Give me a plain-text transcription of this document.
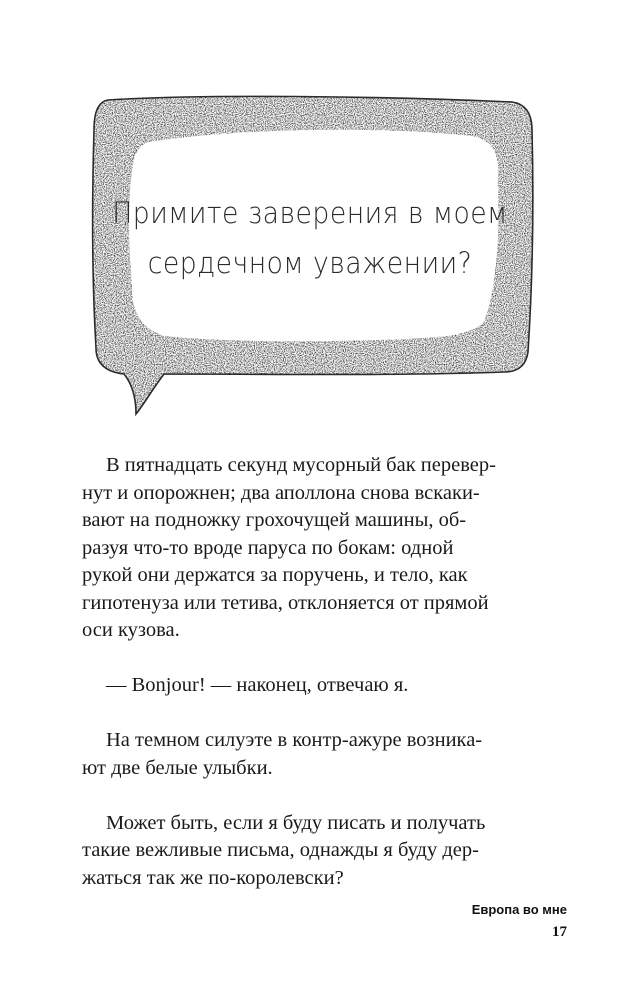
Примите заверения в моем
сердечном уважении?
В пятнадцать секунд мусорный бак перевер-
нут и опорожнен; два аполлона снова вскаки-
вают на подножку грохочущей машины, об-
разуя что-то вроде паруса по бокам: одной
рукой они держатся за поручень, и тело, как
гипотенуза или тетива, отклоняется от прямой
оси кузова.
— Bonjour! — наконец, отвечаю я.
На темном силуэте в контр-ажуре возника-
ют две белые улыбки.
Может быть, если я буду писать и получать
такие вежливые письма, однажды я буду дер-
жаться так же по-королевски?
Европа во мне
17
